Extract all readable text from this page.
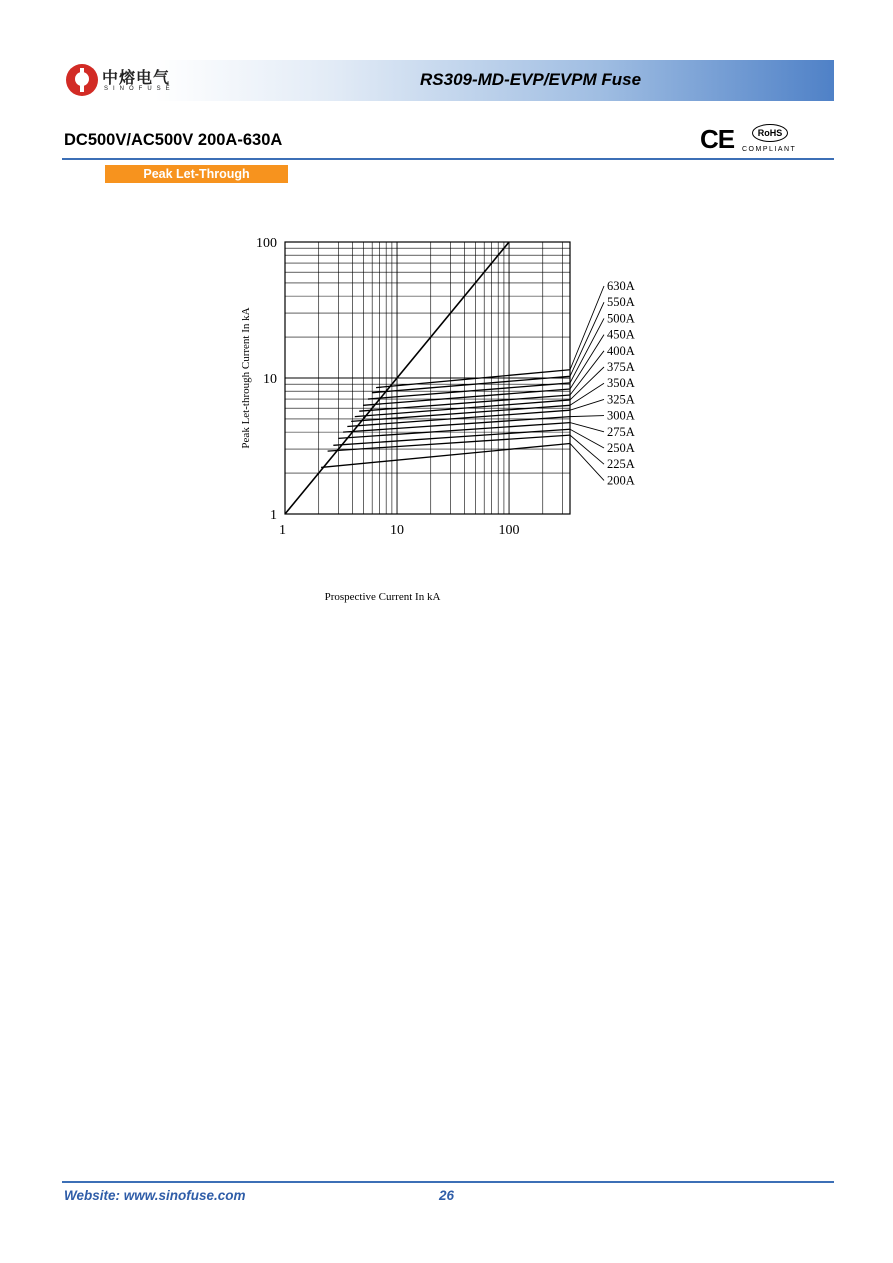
中熔电气
SINOFUSE	RS309-MD-EVP/EVPM Fuse
DC500V/AC500V 200A-630A	CE	RoHS
COMPLIANT
Peak Let-Through
630A
550A
500A
450A
400A
375A
350A
325A
300A
275A
250A
225A
200A
1	10	100
1
10
100
Prospective Current In kA
Peak Let-through Current In kA
Website: www.sinofuse.com	26
